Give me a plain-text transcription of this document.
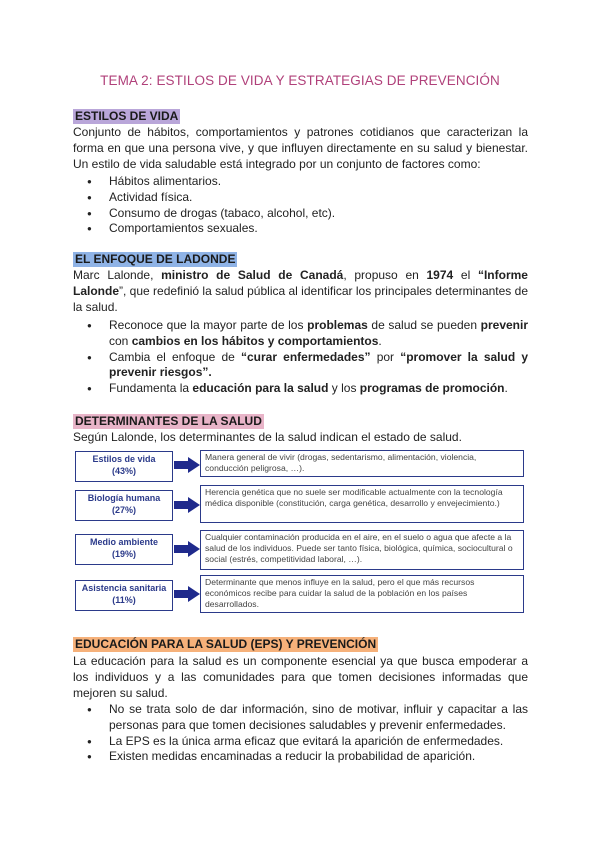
TEMA 2: ESTILOS DE VIDA Y ESTRATEGIAS DE PREVENCIÓN
ESTILOS DE VIDA

Conjunto de hábitos, comportamientos y patrones cotidianos que caracterizan la forma en que una persona vive, y que influyen directamente en su salud y bienestar. Un estilo de vida saludable está integrado por un conjunto de factores como:

● Hábitos alimentarios.
● Actividad física.
● Consumo de drogas (tabaco, alcohol, etc).
● Comportamientos sexuales.
EL ENFOQUE DE LADONDE

Marc Lalonde, ministro de Salud de Canadá, propuso en 1974 el “Informe Lalonde”, que redefinió la salud pública al identificar los principales determinantes de la salud.

● Reconoce que la mayor parte de los problemas de salud se pueden prevenir con cambios en los hábitos y comportamientos.
● Cambia el enfoque de “curar enfermedades” por “promover la salud y prevenir riesgos”.
● Fundamenta la educación para la salud y los programas de promoción.
DETERMINANTES DE LA SALUD

Según Lalonde, los determinantes de la salud indican el estado de salud.

Estilos de vida
(43%)
Manera general de vivir (drogas, sedentarismo, alimentación, violencia, conducción peligrosa, …).
Biología humana
(27%)
Herencia genética que no suele ser modificable actualmente con la tecnología médica disponible (constitución, carga genética, desarrollo y envejecimiento.)
Medio ambiente
(19%)
Cualquier contaminación producida en el aire, en el suelo o agua que afecte a la salud de los individuos. Puede ser tanto física, biológica, química, sociocultural o social (estrés, competitividad laboral, …).
Asistencia sanitaria
(11%)
Determinante que menos influye en la salud, pero el que más recursos económicos recibe para cuidar la salud de la población en los países desarrollados.
EDUCACIÓN PARA LA SALUD (EPS) Y PREVENCIÓN

La educación para la salud es un componente esencial ya que busca empoderar a los individuos y a las comunidades para que tomen decisiones informadas que mejoren su salud.

● No se trata solo de dar información, sino de motivar, influir y capacitar a las personas para que tomen decisiones saludables y prevenir enfermedades.
● La EPS es la única arma eficaz que evitará la aparición de enfermedades.
● Existen medidas encaminadas a reducir la probabilidad de aparición.
